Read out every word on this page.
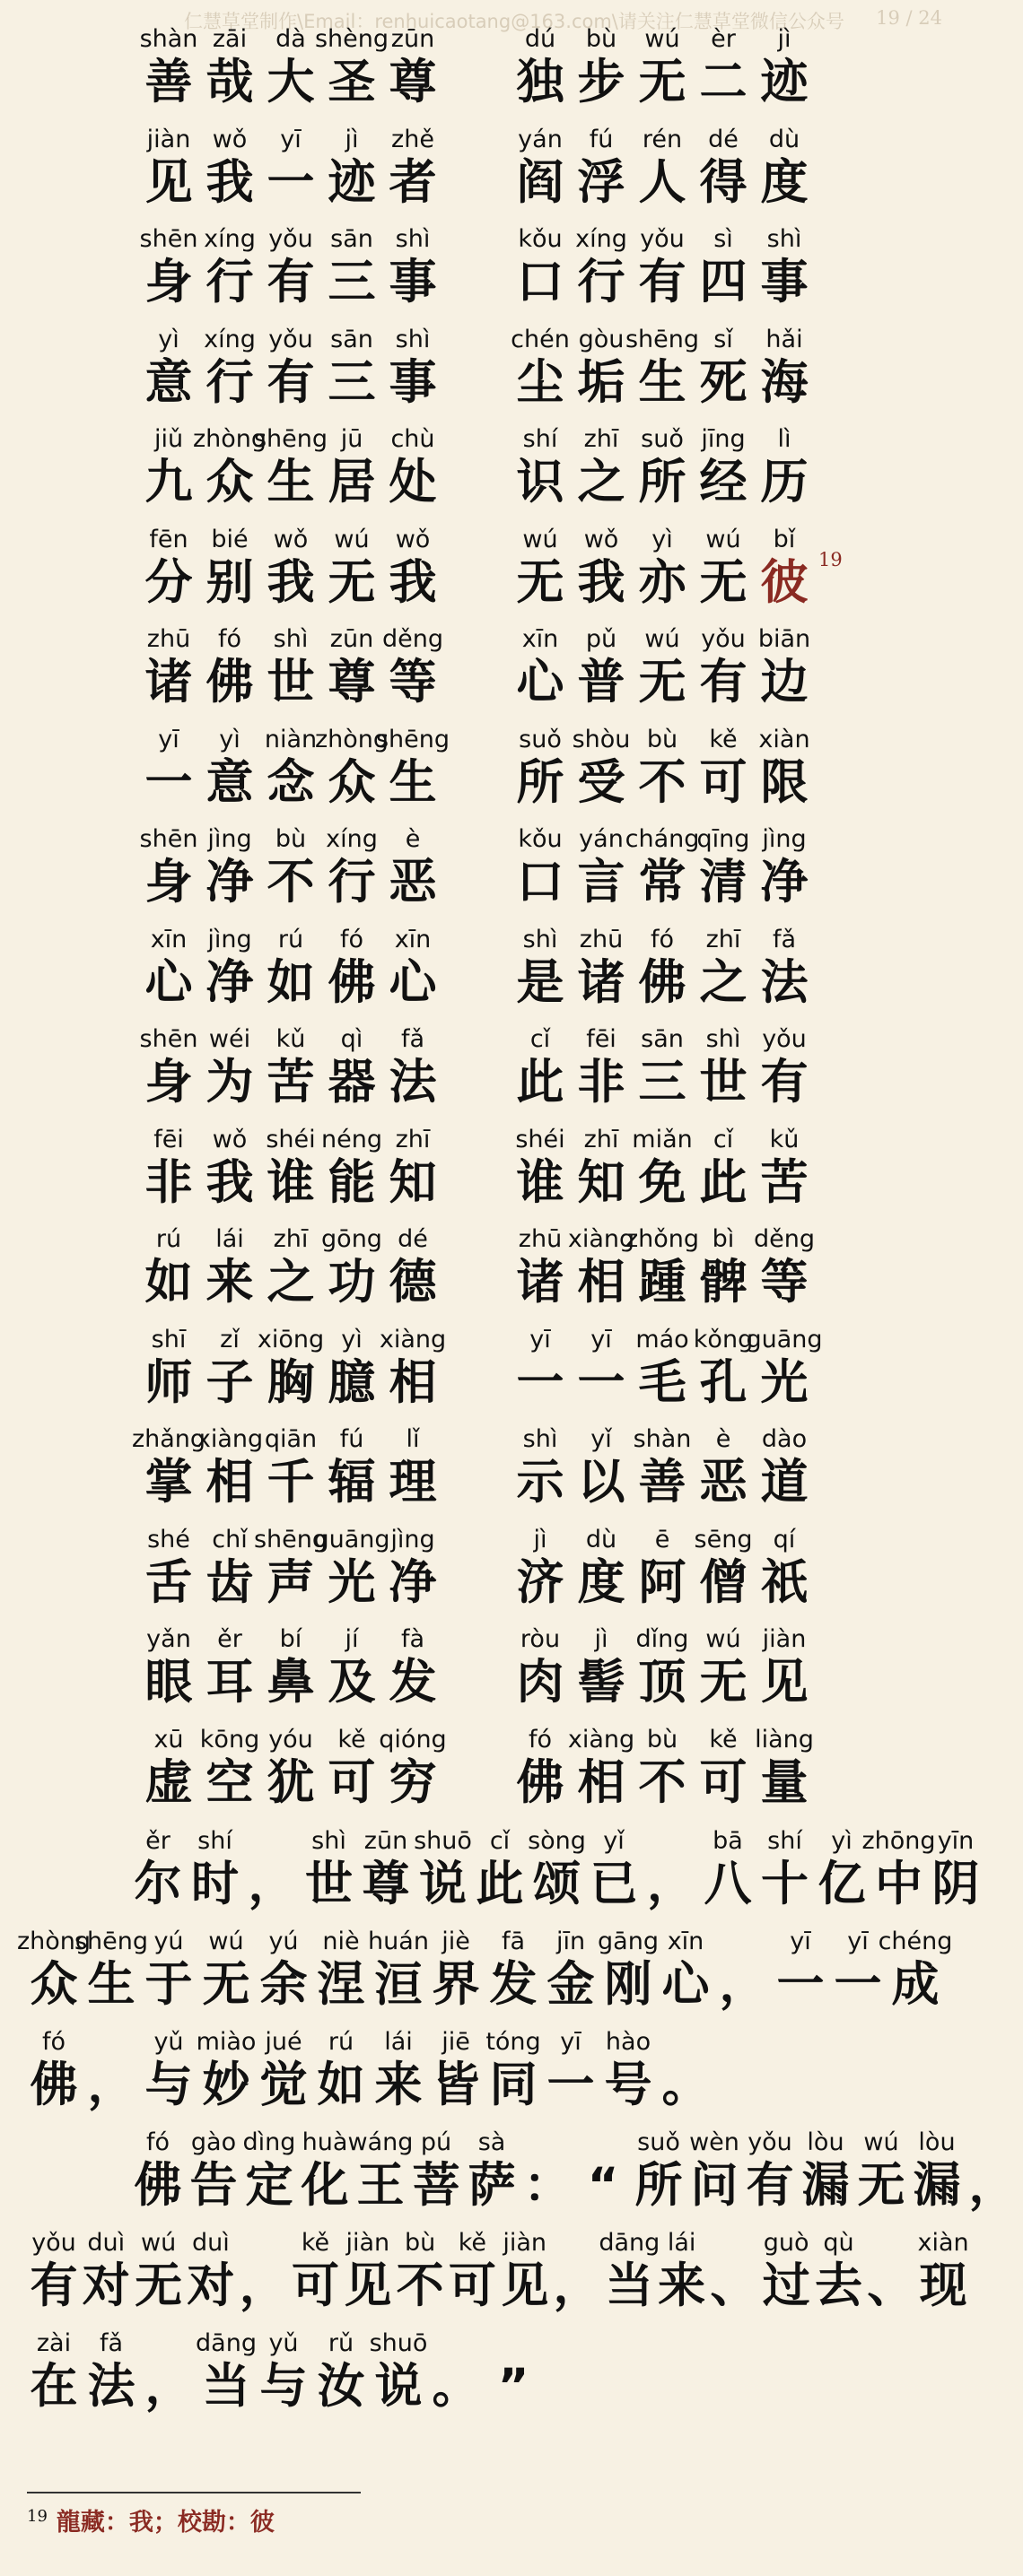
仁慧草堂制作\Email：renhuicaotang@163.com\请关注仁慧草堂微信公众号 19 / 24
shàn
善
zāi
哉
dà
大
shèng
圣
zūn
尊
dú
独
bù
步
wú
无
èr
二
jì
迹
jiàn
见
wǒ
我
yī
一
jì
迹
zhě
者
yán
阎
fú
浮
rén
人
dé
得
dù
度
shēn
身
xíng
行
yǒu
有
sān
三
shì
事
kǒu
口
xíng
行
yǒu
有
sì
四
shì
事
yì
意
xíng
行
yǒu
有
sān
三
shì
事
chén
尘
gòu
垢
shēng
生
sǐ
死
hǎi
海
jiǔ
九
zhòng
众
shēng
生
jū
居
chù
处
shí
识
zhī
之
suǒ
所
jīng
经
lì
历
fēn
分
bié
别
wǒ
我
wú
无
wǒ
我
wú
无
wǒ
我
yì
亦
wú
无
bǐ
彼 19
zhū
诸
fó
佛
shì
世
zūn
尊
děng
等
xīn
心
pǔ
普
wú
无
yǒu
有
biān
边
yī
一
yì
意
niàn
念
zhòng
众
shēng
生
suǒ
所
shòu
受
bù
不
kě
可
xiàn
限
shēn
身
jìng
净
bù
不
xíng
行
è
恶
kǒu
口
yán
言
cháng
常
qīng
清
jìng
净
xīn
心
jìng
净
rú
如
fó
佛
xīn
心
shì
是
zhū
诸
fó
佛
zhī
之
fǎ
法
shēn
身
wéi
为
kǔ
苦
qì
器
fǎ
法
cǐ
此
fēi
非
sān
三
shì
世
yǒu
有
fēi
非
wǒ
我
shéi
谁
néng
能
zhī
知
shéi
谁
zhī
知
miǎn
免
cǐ
此
kǔ
苦
rú
如
lái
来
zhī
之
gōng
功
dé
德
zhū
诸
xiàng
相
zhǒng
踵
bì
髀
děng
等
shī
师
zǐ
子
xiōng
胸
yì
臆
xiàng
相
yī
一
yī
一
máo
毛
kǒng
孔
guāng
光
zhǎng
掌
xiàng
相
qiān
千
fú
辐
lǐ
理
shì
示
yǐ
以
shàn
善
è
恶
dào
道
shé
舌
chǐ
齿
shēng
声
guāng
光
jìng
净
jì
济
dù
度
ē
阿
sēng
僧
qí
祇
yǎn
眼
ěr
耳
bí
鼻
jí
及
fà
发
ròu
肉
jì
髻
dǐng
顶
wú
无
jiàn
见
xū
虚
kōng
空
yóu
犹
kě
可
qióng
穷
fó
佛
xiàng
相
bù
不
kě
可
liàng
量
ěr
尔
shí
时 ，
shì
世
zūn
尊
shuō
说
cǐ
此
sòng
颂
yǐ
已 ，
bā
八
shí
十
yì
亿
zhōng
中
yīn
阴
zhòng
众
shēng
生
yú
于
wú
无
yú
余
niè
涅
huán
洹
jiè
界
fā
发
jīn
金
gāng
刚
xīn
心 ，
yī
一
yī
一
chéng
成
fó
佛 ，
yǔ
与
miào
妙
jué
觉
rú
如
lái
来
jiē
皆
tóng
同
yī
一
hào
号 。
fó
佛
gào
告
dìng
定
huà
化
wáng
王
pú
菩
sà
萨 ： “
suǒ
所
wèn
问
yǒu
有
lòu
漏
wú
无
lòu
漏 ，
yǒu
有
duì
对
wú
无
duì
对 ，
kě
可
jiàn
见
bù
不
kě
可
jiàn
见 ，
dāng
当
lái
来 、
guò
过
qù
去 、
xiàn
现
zài
在
fǎ
法 ，
dāng
当
yǔ
与
rǔ
汝
shuō
说 。 ”
$^{19}$ 龍藏：我；校勘：彼
